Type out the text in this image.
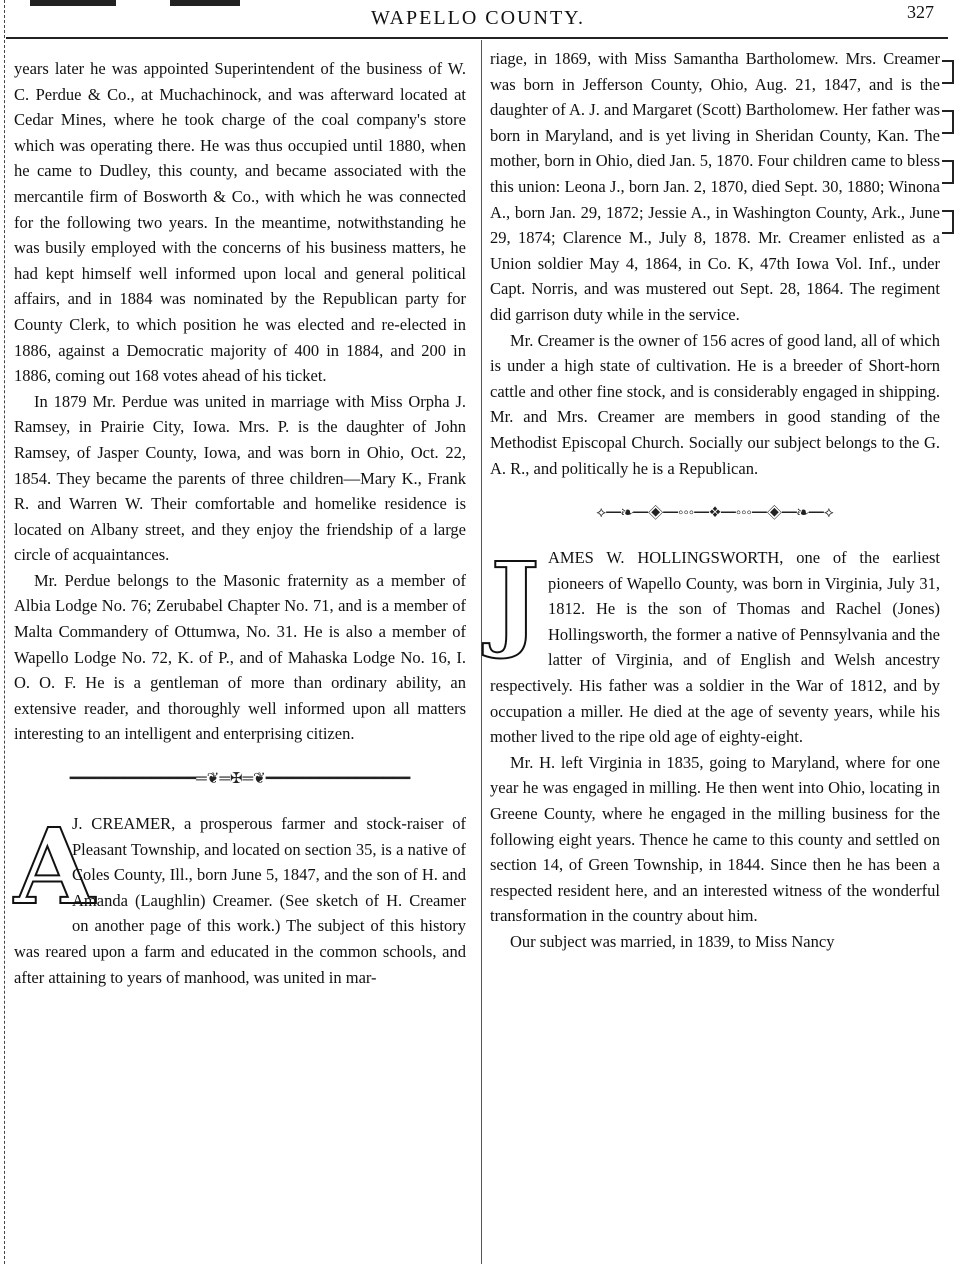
WAPELLO COUNTY.	327

years later he was appointed Superintendent of the business of W. C. Perdue & Co., at Muchachinock, and was afterward located at Cedar Mines, where he took charge of the coal company's store which was operating there. He was thus occupied until 1880, when he came to Dudley, this county, and became associated with the mercantile firm of Bosworth & Co., with which he was connected for the following two years. In the meantime, notwithstanding he was busily employed with the concerns of his business matters, he had kept himself well informed upon local and general political affairs, and in 1884 was nominated by the Republican party for County Clerk, to which position he was elected and re-elected in 1886, against a Democratic majority of 400 in 1884, and 200 in 1886, coming out 168 votes ahead of his ticket.

In 1879 Mr. Perdue was united in marriage with Miss Orpha J. Ramsey, in Prairie City, Iowa. Mrs. P. is the daughter of John Ramsey, of Jasper County, Iowa, and was born in Ohio, Oct. 22, 1854. They became the parents of three children—Mary K., Frank R. and Warren W. Their comfortable and homelike residence is located on Albany street, and they enjoy the friendship of a large circle of acquaintances.

Mr. Perdue belongs to the Masonic fraternity as a member of Albia Lodge No. 76; Zerubabel Chapter No. 71, and is a member of Malta Commandery of Ottumwa, No. 31. He is also a member of Wapello Lodge No. 72, K. of P., and of Mahaska Lodge No. 16, I. O. O. F. He is a gentleman of more than ordinary ability, an extensive reader, and thoroughly well informed upon all matters interesting to an intelligent and enterprising citizen.

━━━━━━━━━━━━━━═❦═✠═❦━━━━━━━━━━━━━━━━

A
J. CREAMER, a prosperous farmer and stock-raiser of Pleasant Township, and located on section 35, is a native of Coles County, Ill., born June 5, 1847, and the son of H. and Amanda (Laughlin) Creamer. (See sketch of H. Creamer on another page of this work.) The subject of this history was reared upon a farm and educated in the common schools, and after attaining to years of manhood, was united in mar-

riage, in 1869, with Miss Samantha Bartholomew. Mrs. Creamer was born in Jefferson County, Ohio, Aug. 21, 1847, and is the daughter of A. J. and Margaret (Scott) Bartholomew. Her father was born in Maryland, and is yet living in Sheridan County, Kan. The mother, born in Ohio, died Jan. 5, 1870. Four children came to bless this union: Leona J., born Jan. 2, 1870, died Sept. 30, 1880; Winona A., born Jan. 29, 1872; Jessie A., in Washington County, Ark., June 29, 1874; Clarence M., July 8, 1878. Mr. Creamer enlisted as a Union soldier May 4, 1864, in Co. K, 47th Iowa Vol. Inf., under Capt. Norris, and was mustered out Sept. 28, 1864. The regiment did garrison duty while in the service.

Mr. Creamer is the owner of 156 acres of good land, all of which is under a high state of cultivation. He is a breeder of Short-horn cattle and other fine stock, and is considerably engaged in shipping. Mr. and Mrs. Creamer are members in good standing of the Methodist Episcopal Church. Socially our subject belongs to the G. A. R., and politically he is a Republican.

⟡━❧━◈━◦◦◦━❖━◦◦◦━◈━❧━⟡

JAMES W. HOLLINGSWORTH, one of the earliest pioneers of Wapello County, was born in Virginia, July 31, 1812. He is the son of Thomas and Rachel (Jones) Hollingsworth, the former a native of Pennsylvania and the latter of Virginia, and of English and Welsh ancestry respectively. His father was a soldier in the War of 1812, and by occupation a miller. He died at the age of seventy years, while his mother lived to the ripe old age of eighty-eight.

Mr. H. left Virginia in 1835, going to Maryland, where for one year he was engaged in milling. He then went into Ohio, locating in Greene County, where he engaged in the milling business for the following eight years. Thence he came to this county and settled on section 14, of Green Township, in 1844. Since then he has been a respected resident here, and an interested witness of the wonderful transformation in the country about him.

Our subject was married, in 1839, to Miss Nancy
